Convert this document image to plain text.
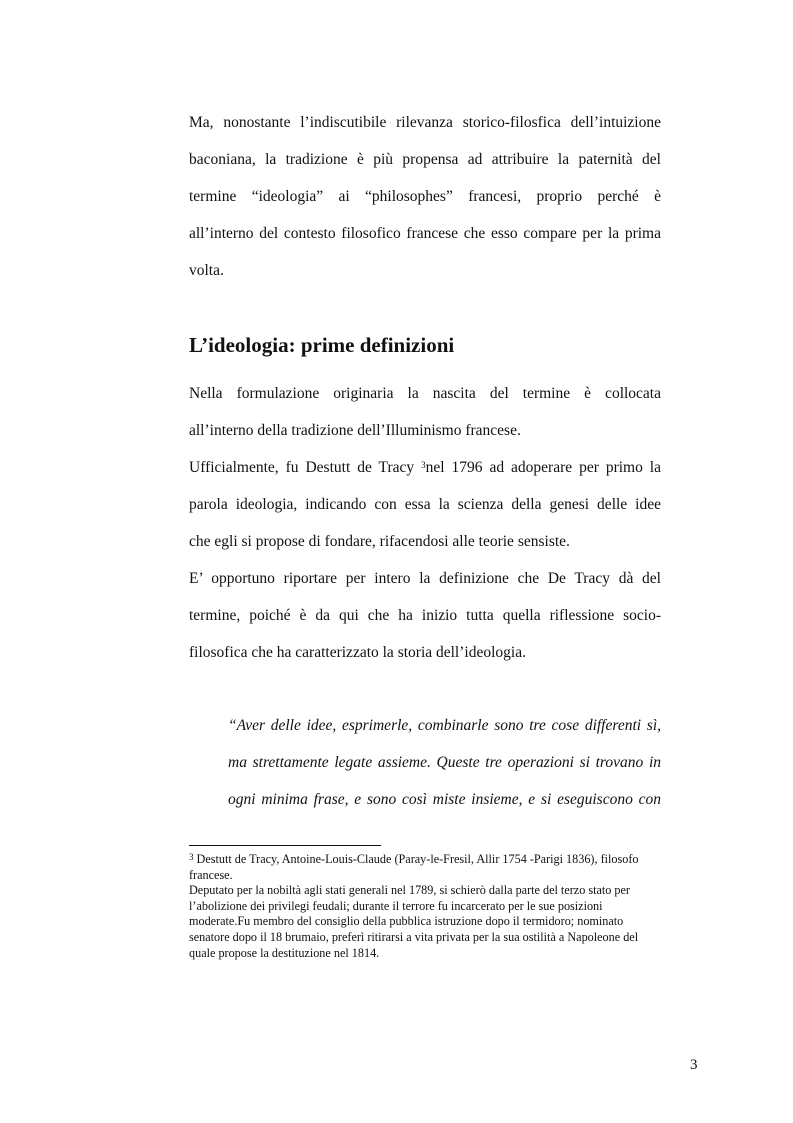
Ma, nonostante l’indiscutibile rilevanza storico-filosfica dell’intuizione
baconiana, la tradizione è più propensa ad attribuire la paternità del
termine “ideologia” ai “philosophes” francesi, proprio perché è
all’interno del contesto filosofico francese che esso compare per la prima
volta.

L’ideologia: prime definizioni

Nella formulazione originaria la nascita del termine è collocata
all’interno della tradizione dell’Illuminismo francese.

Ufficialmente, fu Destutt de Tracy $^3$nel 1796 ad adoperare per primo la
parola ideologia, indicando con essa la scienza della genesi delle idee
che egli si propose di fondare, rifacendosi alle teorie sensiste.

E’ opportuno riportare per intero la definizione che De Tracy dà del
termine, poiché è da qui che ha inizio tutta quella riflessione socio-
filosofica che ha caratterizzato la storia dell’ideologia.

“Aver delle idee, esprimerle, combinarle sono tre cose differenti sì,
ma strettamente legate assieme. Queste tre operazioni si trovano in
ogni minima frase, e sono così miste insieme, e si eseguiscono con

$^3$ Destutt de Tracy, Antoine-Louis-Claude (Paray-le-Fresil, Allir 1754 -Parigi 1836), filosofo
francese.
Deputato per la nobiltà agli stati generali nel 1789, si schierò dalla parte del terzo stato per
l’abolizione dei privilegi feudali; durante il terrore fu incarcerato per le sue posizioni
moderate.Fu membro del consiglio della pubblica istruzione dopo il termidoro; nominato
senatore dopo il 18 brumaio, preferì ritirarsi a vita privata per la sua ostilità a Napoleone del
quale propose la destituzione nel 1814.

3
